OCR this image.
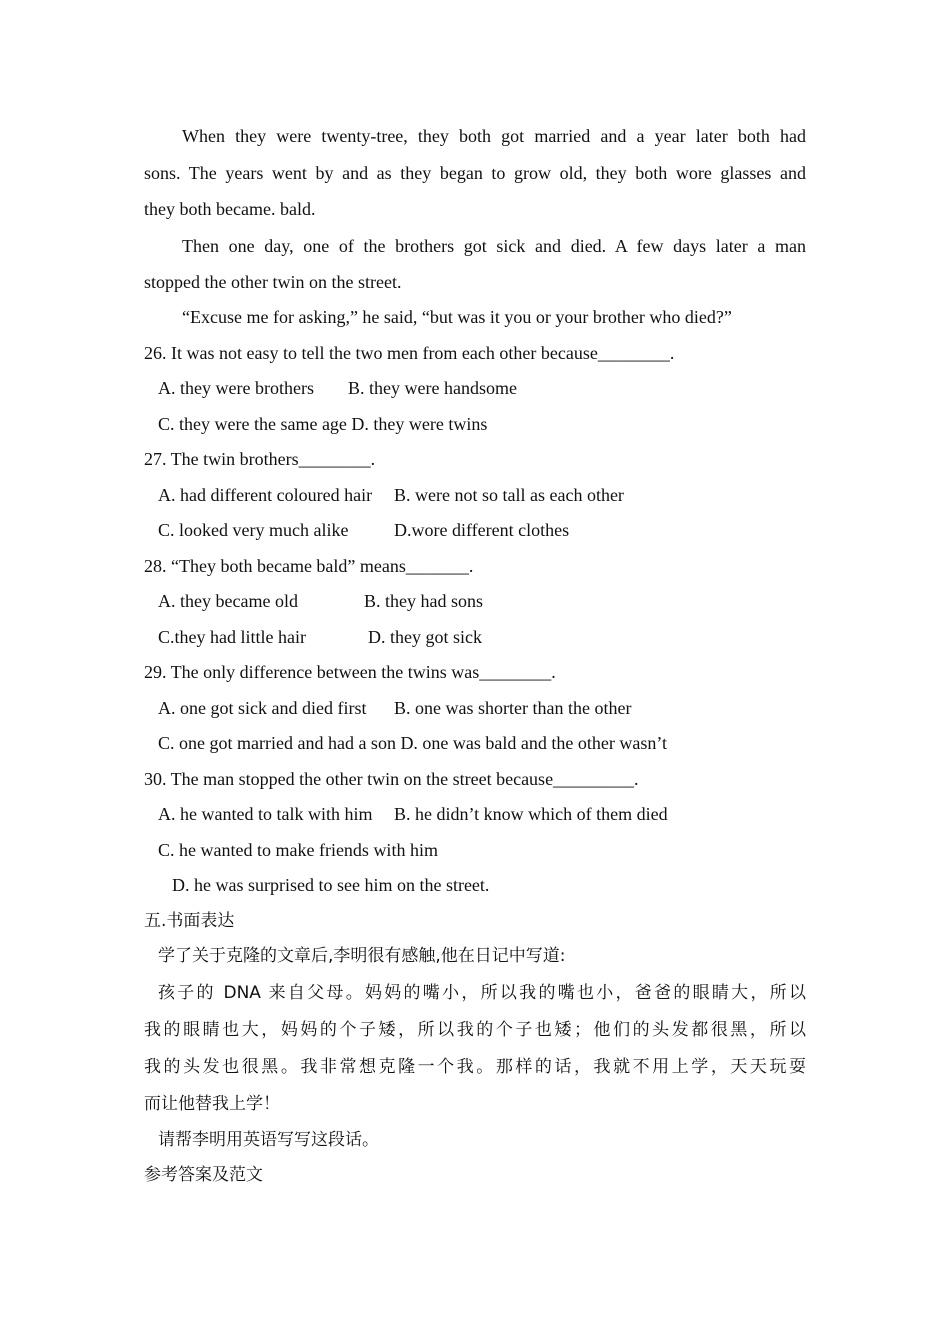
When they were twenty-tree, they both got married and a year later both had
sons. The years went by and as they began to grow old, they both wore glasses and
they both became. bald.
Then one day, one of the brothers got sick and died. A few days later a man
stopped the other twin on the street.
“Excuse me for asking,” he said, “but was it you or your brother who died?”
26. It was not easy to tell the two men from each other because________.
A. they were brothers B. they were handsome
C. they were the same age D. they were twins
27. The twin brothers________.
A. had different coloured hair B. were not so tall as each other
C. looked very much alike	D.wore different clothes
28. “They both became bald” means_______.
A. they became old	B. they had sons
C.they had little hair	D. they got sick
29. The only difference between the twins was________.
A. one got sick and died first B. one was shorter than the other
C. one got married and had a son D. one was bald and the other wasn’t
30. The man stopped the other twin on the street because_________.
A. he wanted to talk with him B. he didn’t know which of them died
C. he wanted to make friends with him
D. he was surprised to see him on the street.
五.书面表达
学了关于克隆的文章后,李明很有感触,他在日记中写道:
孩子的 DNA 来自父母。妈妈的嘴小，所以我的嘴也小，爸爸的眼睛大，所以
我的眼睛也大，妈妈的个子矮，所以我的个子也矮；他们的头发都很黑，所以
我的头发也很黑。我非常想克隆一个我。那样的话，我就不用上学，天天玩耍
而让他替我上学！
请帮李明用英语写写这段话。
参考答案及范文
